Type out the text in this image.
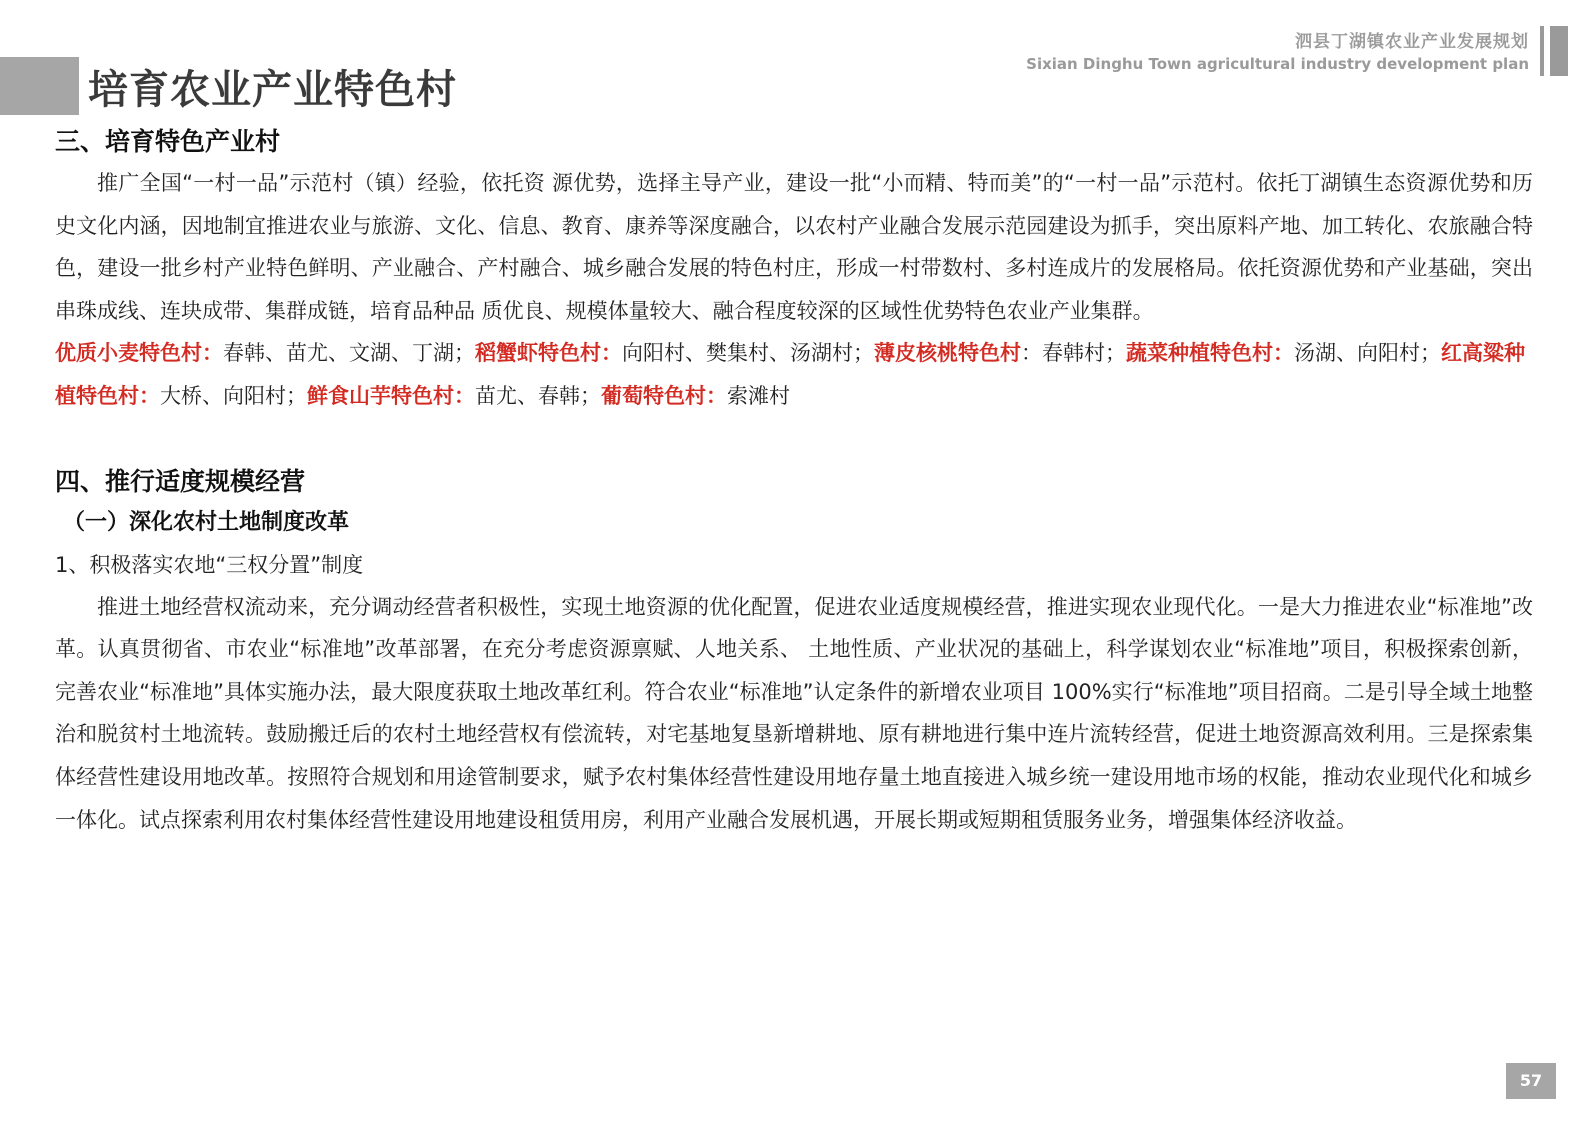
培育农业产业特色村
泗县丁湖镇农业产业发展规划
Sixian Dinghu Town agricultural industry development plan
三、培育特色产业村

推广全国“一村一品”示范村（镇）经验，依托资 源优势，选择主导产业，建设一批“小而精、特而美”的“一村一品”示范村。依托丁湖镇生态资源优势和历史文化内涵，因地制宜推进农业与旅游、文化、信息、教育、康养等深度融合，以农村产业融合发展示范园建设为抓手，突出原料产地、加工转化、农旅融合特色，建设一批乡村产业特色鲜明、产业融合、产村融合、城乡融合发展的特色村庄，形成一村带数村、多村连成片的发展格局。依托资源优势和产业基础，突出串珠成线、连块成带、集群成链，培育品种品 质优良、规模体量较大、融合程度较深的区域性优势特色农业产业集群。

优质小麦特色村：春韩、苗尤、文湖、丁湖；稻蟹虾特色村：向阳村、樊集村、汤湖村；薄皮核桃特色村：春韩村；蔬菜种植特色村：汤湖、向阳村；红高粱种植特色村：大桥、向阳村；鲜食山芋特色村：苗尤、春韩；葡萄特色村：索滩村

四、推行适度规模经营
（一）深化农村土地制度改革

1、积极落实农地“三权分置”制度

推进土地经营权流动来，充分调动经营者积极性，实现土地资源的优化配置，促进农业适度规模经营，推进实现农业现代化。一是大力推进农业“标准地”改革。认真贯彻省、市农业“标准地”改革部署，在充分考虑资源禀赋、人地关系、 土地性质、产业状况的基础上，科学谋划农业“标准地”项目，积极探索创新，完善农业“标准地”具体实施办法，最大限度获取土地改革红利。符合农业“标准地”认定条件的新增农业项目 100%实行“标准地”项目招商。二是引导全域土地整治和脱贫村土地流转。鼓励搬迁后的农村土地经营权有偿流转，对宅基地复垦新增耕地、原有耕地进行集中连片流转经营，促进土地资源高效利用。三是探索集体经营性建设用地改革。按照符合规划和用途管制要求，赋予农村集体经营性建设用地存量土地直接进入城乡统一建设用地市场的权能，推动农业现代化和城乡一体化。试点探索利用农村集体经营性建设用地建设租赁用房，利用产业融合发展机遇，开展长期或短期租赁服务业务，增强集体经济收益。

57
